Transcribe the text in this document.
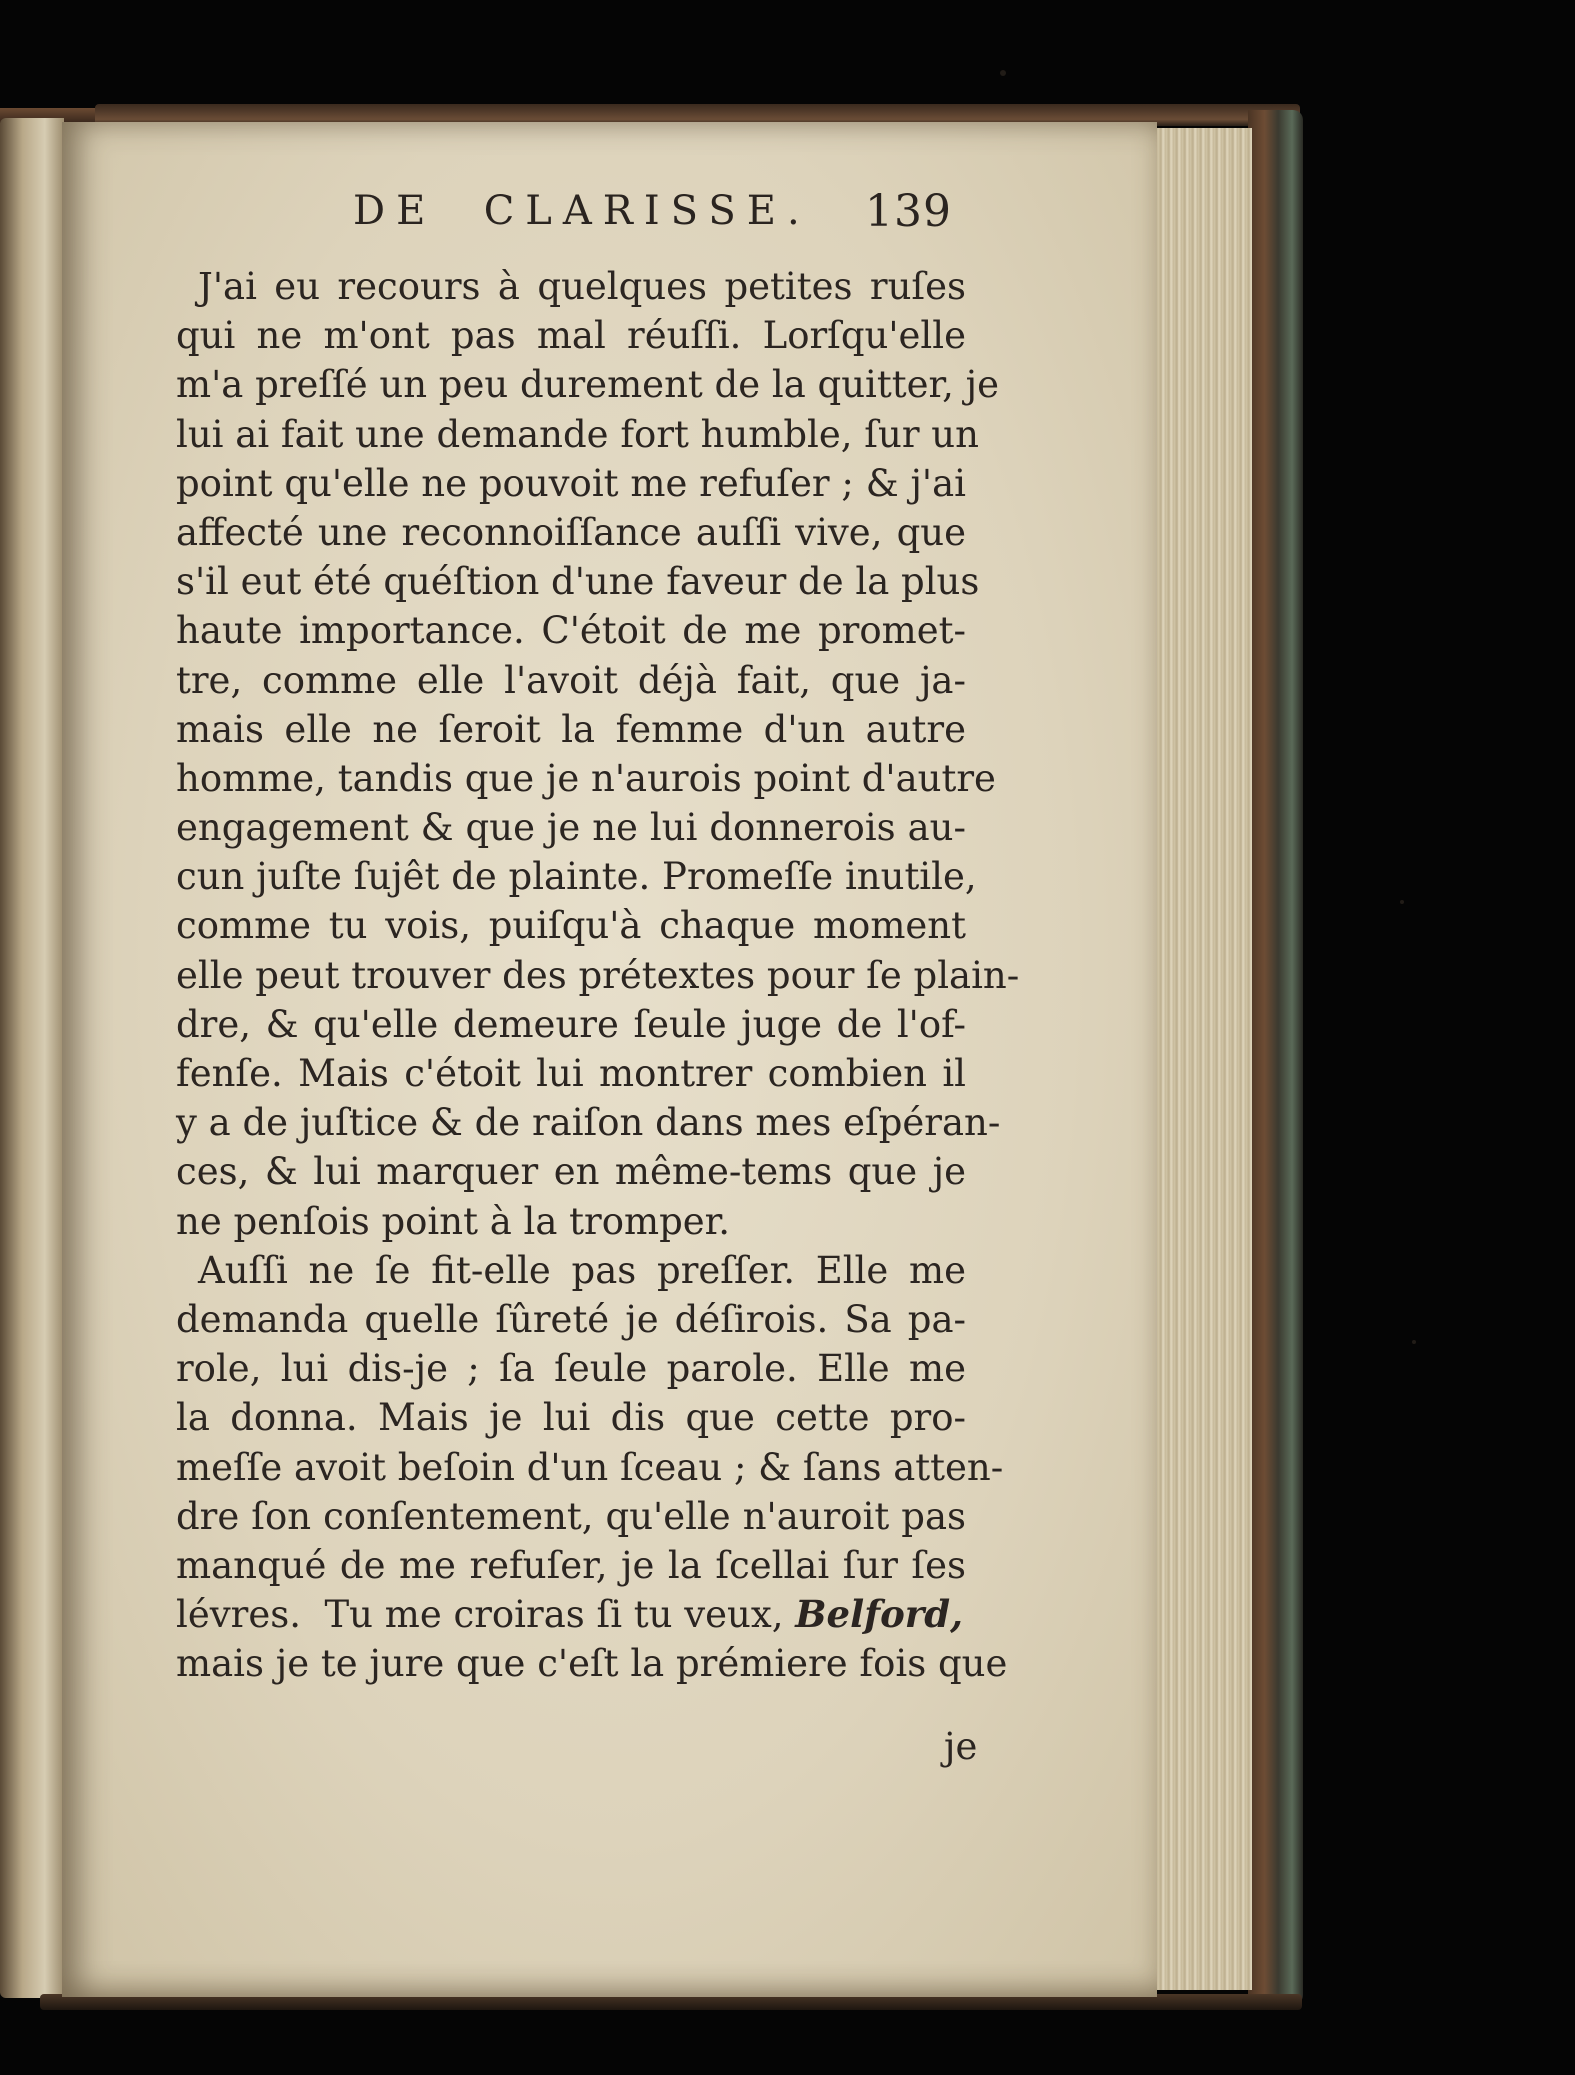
DE  CLARISSE. 139
J'ai eu recours à quelques petites ruſes
qui ne m'ont pas mal réuſſi. Lorſqu'elle
m'a preſſé un peu durement de la quitter, je
lui ai fait une demande fort humble, ſur un
point qu'elle ne pouvoit me refuſer ; & j'ai
affecté une reconnoiſſance auſſi vive, que
s'il eut été quéſtion d'une faveur de la plus
haute importance. C'étoit de me promet-
tre, comme elle l'avoit déjà fait, que ja-
mais elle ne ſeroit la femme d'un autre
homme, tandis que je n'aurois point d'autre
engagement & que je ne lui donnerois au-
cun juſte ſujêt de plainte. Promeſſe inutile,
comme tu vois, puiſqu'à chaque moment
elle peut trouver des prétextes pour ſe plain-
dre, & qu'elle demeure ſeule juge de l'of-
fenſe. Mais c'étoit lui montrer combien il
y a de juſtice & de raiſon dans mes eſpéran-
ces, & lui marquer en même-tems que je
ne penſois point à la tromper.
Auſſi ne ſe fit-elle pas preſſer. Elle me
demanda quelle ſûreté je déſirois. Sa pa-
role, lui dis-je ; ſa ſeule parole. Elle me
la donna. Mais je lui dis que cette pro-
meſſe avoit beſoin d'un ſceau ; & ſans atten-
dre ſon conſentement, qu'elle n'auroit pas
manqué de me refuſer, je la ſcellai ſur ſes
lévres.  Tu me croiras ſi tu veux, Belford,
mais je te jure que c'eſt la prémiere fois que
je
